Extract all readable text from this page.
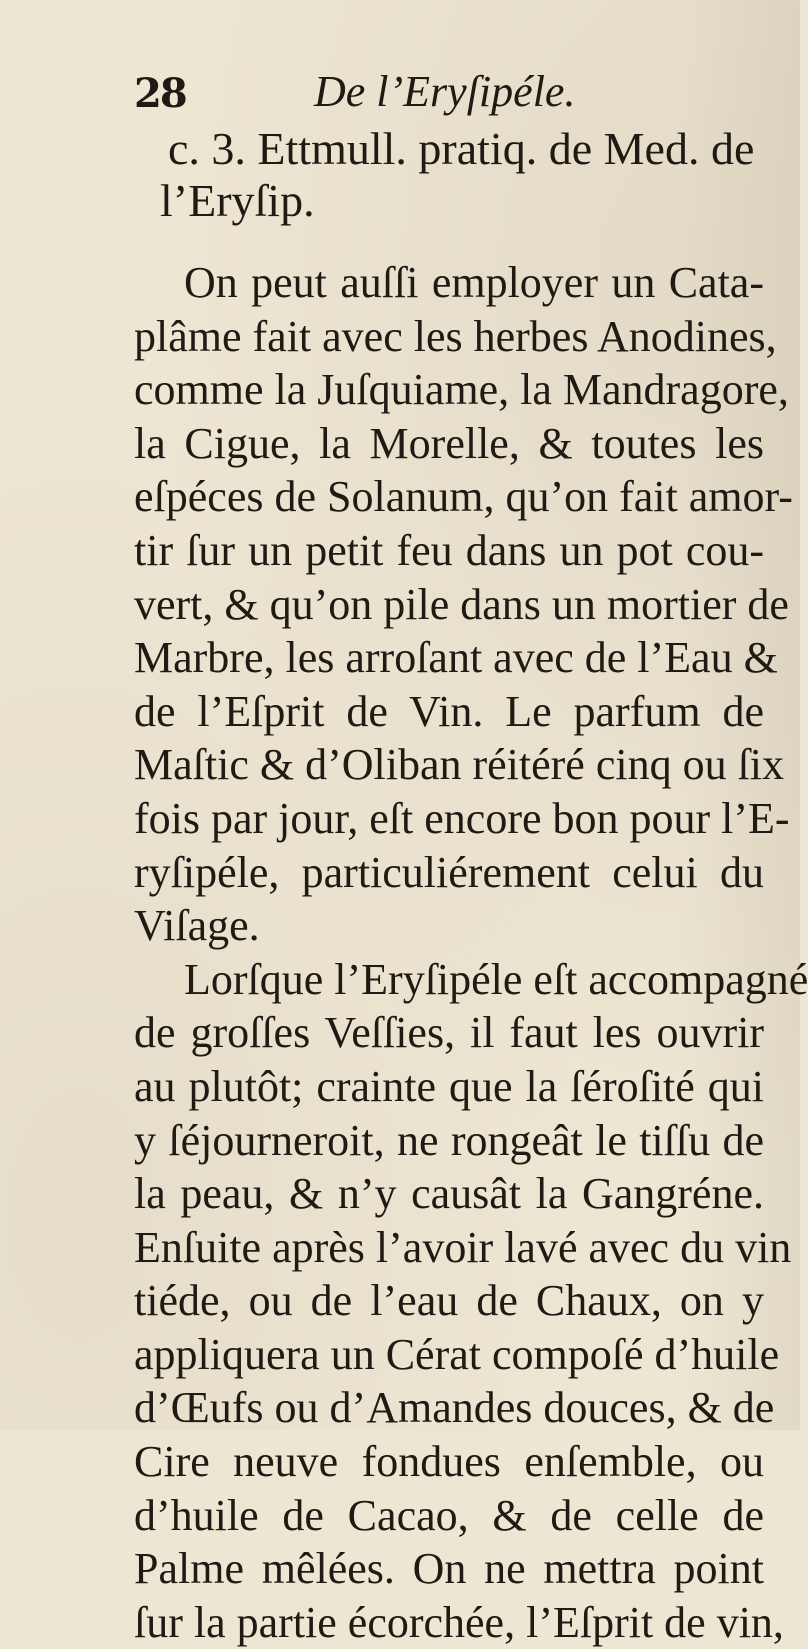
28	De l’Eryſipéle.
c. 3. Ettmull. pratiq. de Med. de
l’Eryſip.
On peut auſſi employer un Cata-
plâme fait avec les herbes Anodines,
comme la Juſquiame, la Mandragore,
la Cigue, la Morelle, & toutes les
eſpéces de Solanum, qu’on fait amor-
tir ſur un petit feu dans un pot cou-
vert, & qu’on pile dans un mortier de
Marbre, les arroſant avec de l’Eau &
de l’Eſprit de Vin. Le parfum de
Maſtic & d’Oliban réitéré cinq ou ſix
fois par jour, eſt encore bon pour l’E-
ryſipéle, particuliérement celui du
Viſage.
Lorſque l’Eryſipéle eſt accompagné
de groſſes Veſſies, il faut les ouvrir
au plutôt; crainte que la ſéroſité qui
y ſéjourneroit, ne rongeât le tiſſu de
la peau, & n’y causât la Gangréne.
Enſuite après l’avoir lavé avec du vin
tiéde, ou de l’eau de Chaux, on y
appliquera un Cérat compoſé d’huile
d’Œufs ou d’Amandes douces, & de
Cire neuve fondues enſemble, ou
d’huile de Cacao, & de celle de
Palme mêlées. On ne mettra point
ſur la partie écorchée, l’Eſprit de vin,
